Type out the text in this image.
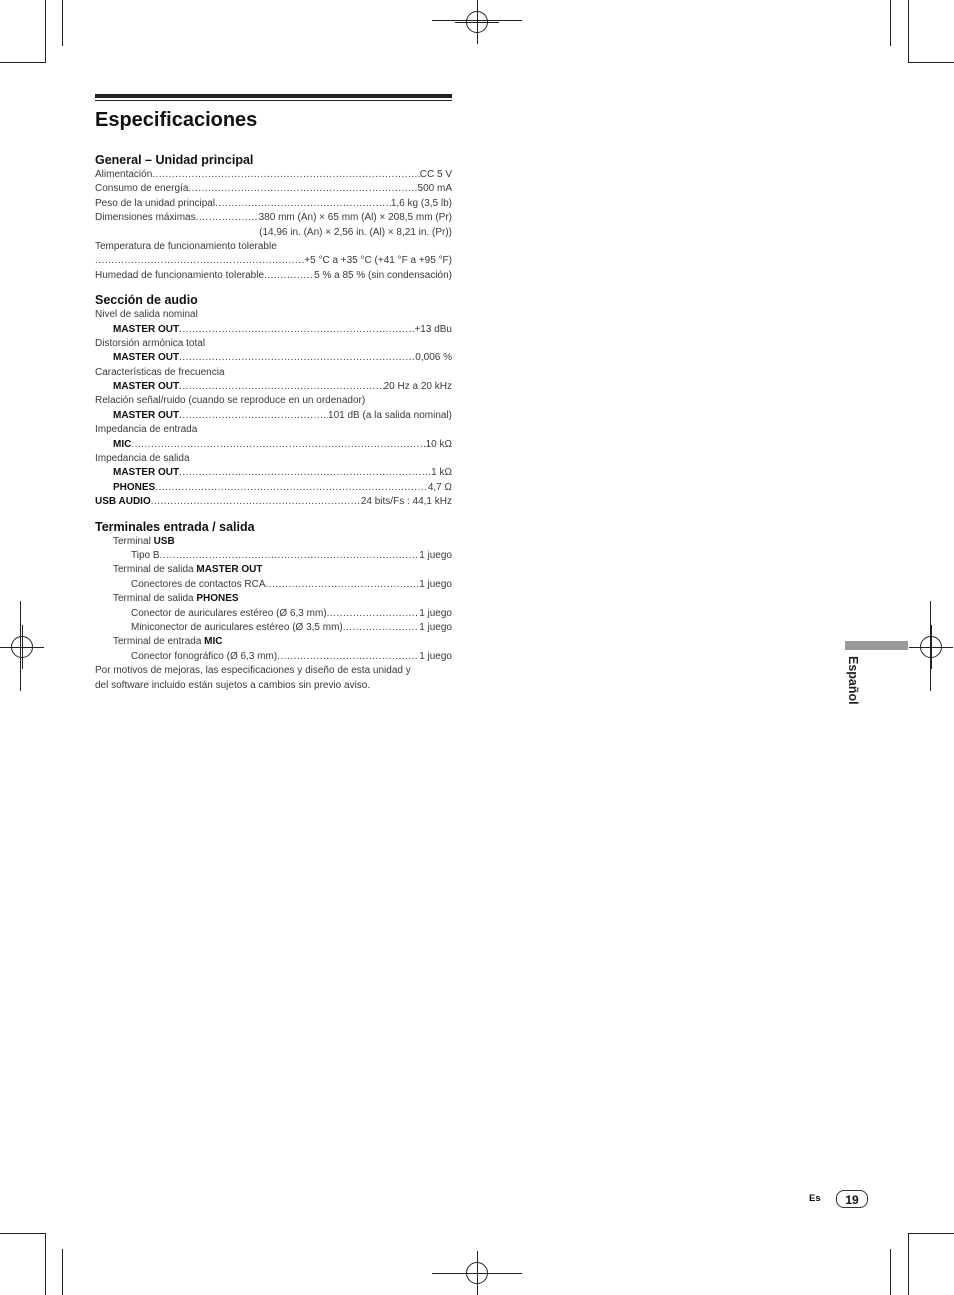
Especificaciones
General – Unidad principal
Alimentación .....	CC 5 V
Consumo de energía .....	500 mA
Peso de la unidad principal .....	1,6 kg (3,5 lb)
Dimensiones máximas .....	380 mm (An) × 65 mm (Al) × 208,5 mm (Pr)
(14,96 in. (An) × 2,56 in. (Al) × 8,21 in. (Pr))
Temperatura de funcionamiento tolerable
.....
+5 °C a +35 °C (+41 °F a +95 °F)
Humedad de funcionamiento tolerable .....	5 % a 85 % (sin condensación)
Sección de audio
Nivel de salida nominal
MASTER OUT .....	+13 dBu
Distorsión armónica total
MASTER OUT .....	0,006 %
Características de frecuencia
MASTER OUT .....	20 Hz a 20 kHz
Relación señal/ruido (cuando se reproduce en un ordenador)
MASTER OUT .....	101 dB (a la salida nominal)
Impedancia de entrada
MIC .....	10 kΩ
Impedancia de salida
MASTER OUT .....	1 kΩ
PHONES .....	4,7 Ω
USB AUDIO .....	24 bits/Fs : 44,1 kHz
Terminales entrada / salida
Terminal USB
Tipo B .....	1 juego
Terminal de salida MASTER OUT
Conectores de contactos RCA .....	1 juego
Terminal de salida PHONES
Conector de auriculares estéreo (Ø 6,3 mm) .....	1 juego
Miniconector de auriculares estéreo (Ø 3,5 mm) .....	1 juego
Terminal de entrada MIC
Conector fonográfico (Ø 6,3 mm) .....	1 juego
Por motivos de mejoras, las especificaciones y diseño de esta unidad y
del software incluido están sujetos a cambios sin previo aviso.	Español
Es	19
